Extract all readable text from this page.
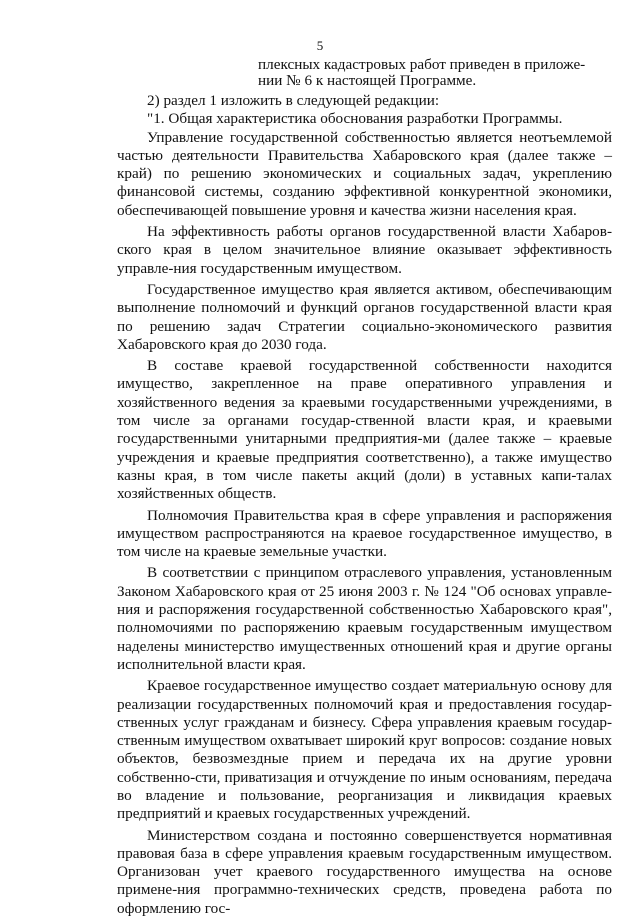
5
плексных кадастровых работ приведен в приложе-
нии № 6 к настоящей Программе.

2) раздел 1 изложить в следующей редакции:

"1. Общая характеристика обоснования разработки Программы.

Управление государственной собственностью является неотъемлемой частью деятельности Правительства Хабаровского края (далее также – край) по решению экономических и социальных задач, укреплению финансовой системы, созданию эффективной конкурентной экономики, обеспечивающей повышение уровня и качества жизни населения края.

На эффективность работы органов государственной власти Хабаров-ского края в целом значительное влияние оказывает эффективность управле-ния государственным имуществом.

Государственное имущество края является активом, обеспечивающим выполнение полномочий и функций органов государственной власти края по решению задач Стратегии социально-экономического развития Хабаровского края до 2030 года.

В составе краевой государственной собственности находится имущество, закрепленное на праве оперативного управления и хозяйственного ведения за краевыми государственными учреждениями, в том числе за органами государ-ственной власти края, и краевыми государственными унитарными предприятия-ми (далее также – краевые учреждения и краевые предприятия соответственно), а также имущество казны края, в том числе пакеты акций (доли) в уставных капи-талах хозяйственных обществ.

Полномочия Правительства края в сфере управления и распоряжения имуществом распространяются на краевое государственное имущество, в том числе на краевые земельные участки.

В соответствии с принципом отраслевого управления, установленным Законом Хабаровского края от 25 июня 2003 г. № 124 "Об основах управле-ния и распоряжения государственной собственностью Хабаровского края", полномочиями по распоряжению краевым государственным имуществом наделены министерство имущественных отношений края и другие органы исполнительной власти края.

Краевое государственное имущество создает материальную основу для реализации государственных полномочий края и предоставления государ-ственных услуг гражданам и бизнесу. Сфера управления краевым государ-ственным имуществом охватывает широкий круг вопросов: создание новых объектов, безвозмездные прием и передача их на другие уровни собственно-сти, приватизация и отчуждение по иным основаниям, передача во владение и пользование, реорганизация и ликвидация краевых предприятий и краевых государственных учреждений.

Министерством создана и постоянно совершенствуется нормативная правовая база в сфере управления краевым государственным имуществом. Организован учет краевого государственного имущества на основе примене-ния программно-технических средств, проведена работа по оформлению гос-
